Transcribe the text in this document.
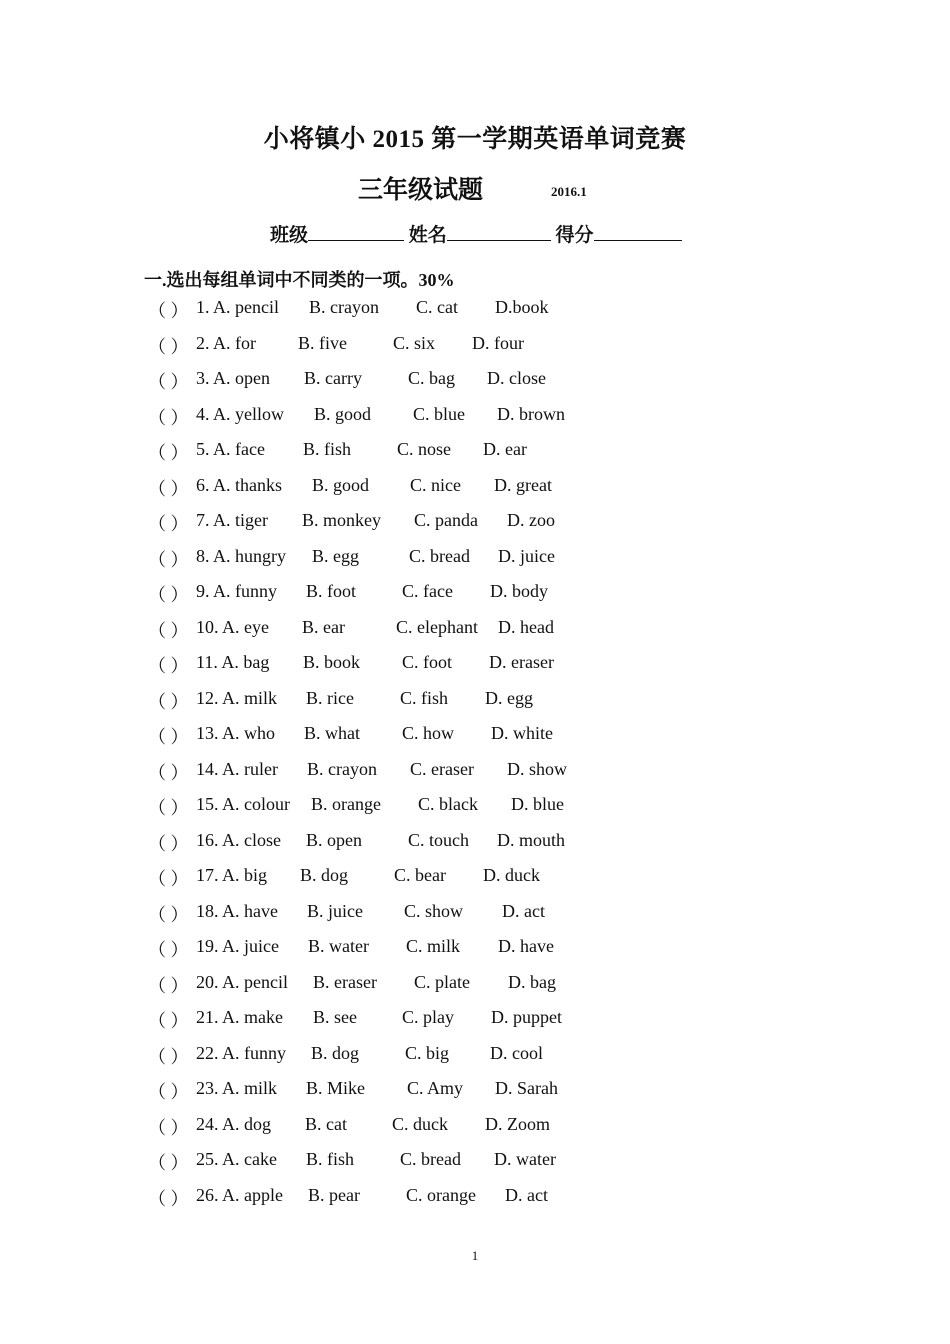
小将镇小 2015 第一学期英语单词竞赛
三年级试题	2016.1
班级	姓名	得分
一.选出每组单词中不同类的一项。30%
（ ） 1. A. pencil B. crayon C. cat D.book
（ ） 2. A. for B. five	C. six D. four
（ ） 3. A. open B. carry	C. bag D. close
（ ） 4. A. yellow B. good C. blue D. brown
（ ） 5. A. face B. fish	C. nose D. ear
（ ） 6. A. thanks B. good C. nice D. great
（ ） 7. A. tiger B. monkey C. panda D. zoo
（ ） 8. A. hungry B. egg	C. bread D. juice
（ ） 9. A. funny B. foot	C. face D. body
（ ） 10. A. eye B. ear	C. elephant D. head
（ ） 11. A. bag B. book C. foot D. eraser
（ ） 12. A. milk B. rice	C. fish D. egg
（ ） 13. A. who B. what C. how D. white
（ ） 14. A. ruler B. crayon C. eraser D. show
（ ） 15. A. colour B. orange C. black D. blue
（ ） 16. A. close B. open	C. touch D. mouth
（ ） 17. A. big B. dog	C. bear D. duck
（ ） 18. A. have B. juice C. show D. act
（ ） 19. A. juice B. water C. milk D. have
（ ） 20. A. pencil B. eraser C. plate D. bag
（ ） 21. A. make B. see	C. play D. puppet
（ ） 22. A. funny B. dog	C. big D. cool
（ ） 23. A. milk B. Mike C. Amy D. Sarah
（ ） 24. A. dog B. cat	C. duck D. Zoom
（ ） 25. A. cake B. fish	C. bread D. water
（ ） 26. A. apple B. pear	C. orange D. act
1
